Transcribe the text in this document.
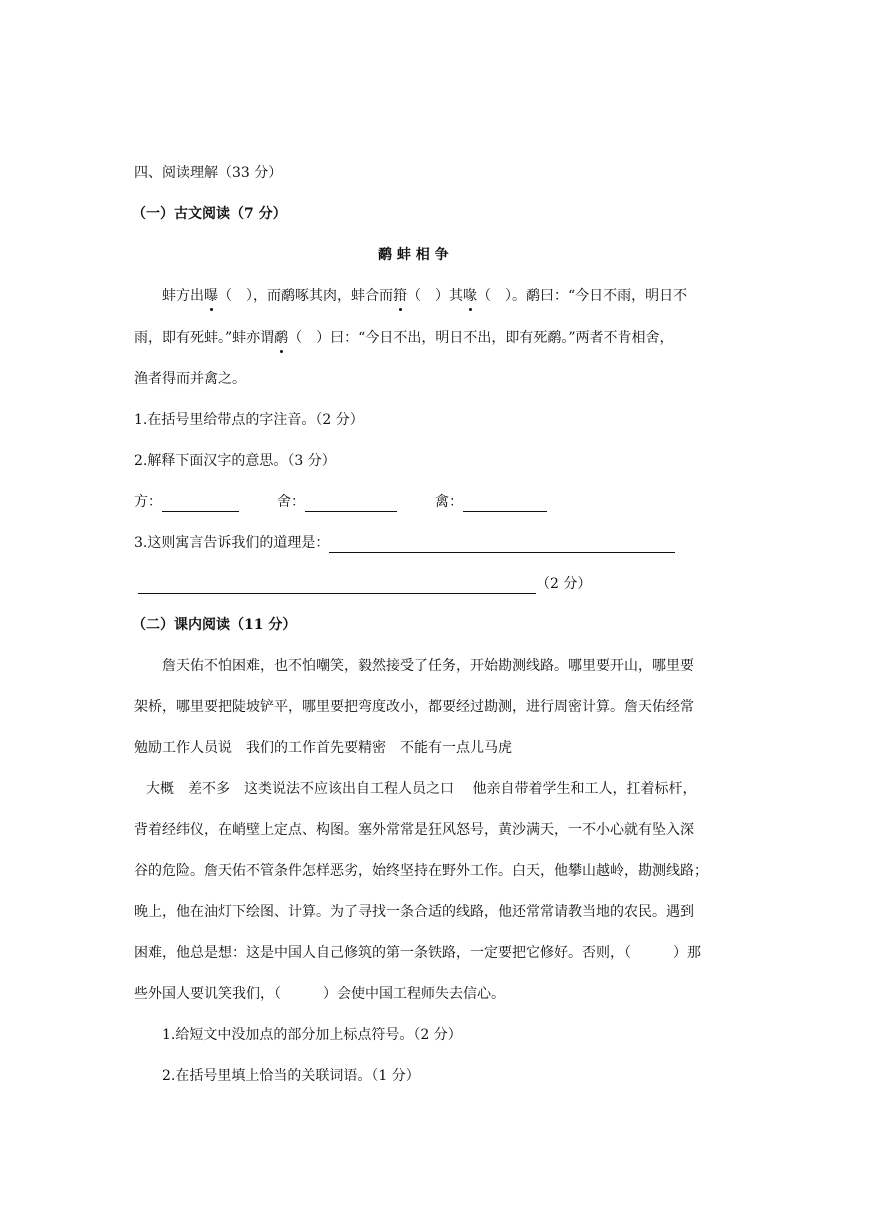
四、阅读理解（33 分）
（一）古文阅读（7 分）
鹬 蚌 相 争
蚌方出曝（　），而鹬啄其肉，蚌合而箝（　）其喙（　）。鹬曰：“今日不雨，明日不
雨，即有死蚌。”蚌亦谓鹬（　）曰：“今日不出，明日不出，即有死鹬。”两者不肯相舍，
渔者得而并禽之。
1.在括号里给带点的字注音。（2 分）
2.解释下面汉字的意思。（3 分）
方：	舍：	禽：
3.这则寓言告诉我们的道理是：
（2 分）
（二）课内阅读（11 分）
詹天佑不怕困难，也不怕嘲笑，毅然接受了任务，开始勘测线路。哪里要开山，哪里要
架桥，哪里要把陡坡铲平，哪里要把弯度改小，都要经过勘测，进行周密计算。詹天佑经常
勉励工作人员说　我们的工作首先要精密　不能有一点儿马虎
大概　差不多　这类说法不应该出自工程人员之口　 他亲自带着学生和工人，扛着标杆，
背着经纬仪，在峭壁上定点、构图。塞外常常是狂风怒号，黄沙满天，一不小心就有坠入深
谷的危险。詹天佑不管条件怎样恶劣，始终坚持在野外工作。白天，他攀山越岭，勘测线路；
晚上，他在油灯下绘图、计算。为了寻找一条合适的线路，他还常常请教当地的农民。遇到
困难，他总是想：这是中国人自己修筑的第一条铁路，一定要把它修好。否则，（　　　）那
些外国人要讥笑我们，（　　　）会使中国工程师失去信心。
1.给短文中没加点的部分加上标点符号。（2 分）
2.在括号里填上恰当的关联词语。（1 分）
